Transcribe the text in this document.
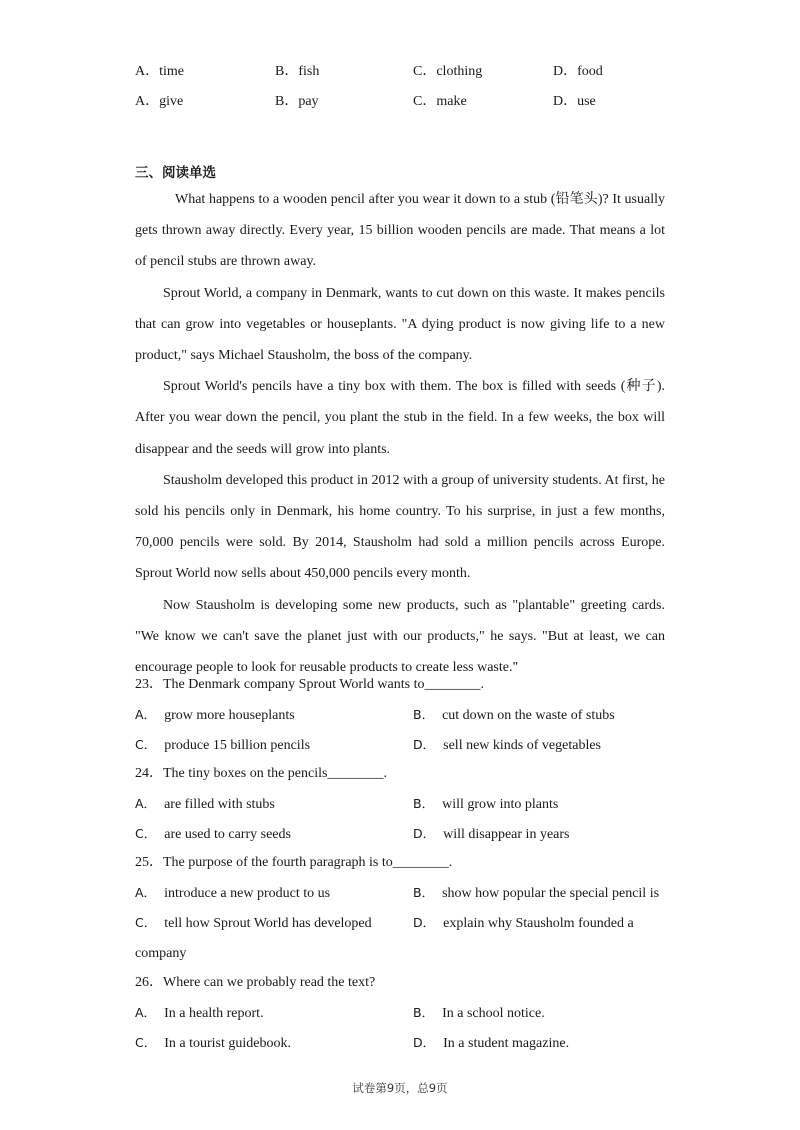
A．time	B．fish	C．clothing	D．food
A．give	B．pay	C．make	D．use
三、阅读单选

What happens to a wooden pencil after you wear it down to a stub (铅笔头)? It usually gets thrown away directly. Every year, 15 billion wooden pencils are made. That means a lot of pencil stubs are thrown away.

Sprout World, a company in Denmark, wants to cut down on this waste. It makes pencils that can grow into vegetables or houseplants. "A dying product is now giving life to a new product," says Michael Stausholm, the boss of the company.

Sprout World's pencils have a tiny box with them. The box is filled with seeds (种子). After you wear down the pencil, you plant the stub in the field. In a few weeks, the box will disappear and the seeds will grow into plants.

Stausholm developed this product in 2012 with a group of university students. At first, he sold his pencils only in Denmark, his home country. To his surprise, in just a few months, 70,000 pencils were sold. By 2014, Stausholm had sold a million pencils across Europe. Sprout World now sells about 450,000 pencils every month.

Now Stausholm is developing some new products, such as "plantable" greeting cards. "We know we can't save the planet just with our products," he says. "But at least, we can encourage people to look for reusable products to create less waste."

23．The Denmark company Sprout World wants to________.
A． grow more houseplants	B． cut down on the waste of stubs
C． produce 15 billion pencils	D． sell new kinds of vegetables
24．The tiny boxes on the pencils________.
A． are filled with stubs	B． will grow into plants
C． are used to carry seeds	D． will disappear in years
25．The purpose of the fourth paragraph is to________.
A． introduce a new product to us	B． show how popular the special pencil is
C． tell how Sprout World has developed	D． explain why Stausholm founded a
company
26．Where can we probably read the text?
A． In a health report.	B． In a school notice.
C． In a tourist guidebook.	D． In a student magazine.
试卷第9页，总9页
